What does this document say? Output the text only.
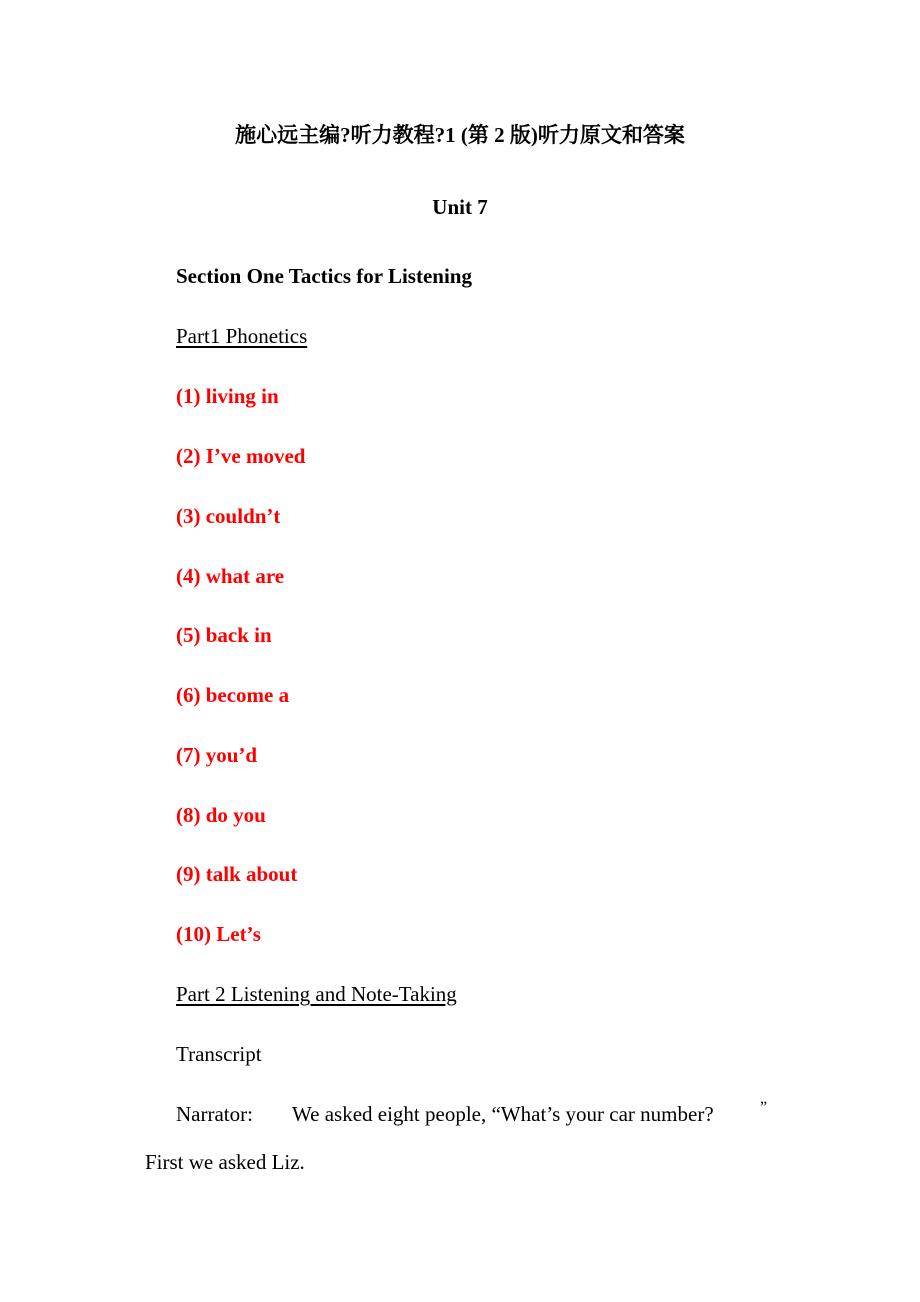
施心远主编?听力教程?1 (第 2 版)听力原文和答案
Unit 7
Section One Tactics for Listening
Part1 Phonetics
(1) living in
(2) I’ve moved
(3) couldn’t
(4) what are
(5) back in
(6) become a
(7) you’d
(8) do you
(9) talk about
(10) Let’s
Part 2 Listening and Note-Taking
Transcript
Narrator: We asked eight people, “What’s your car number?	”
First we asked Liz.
